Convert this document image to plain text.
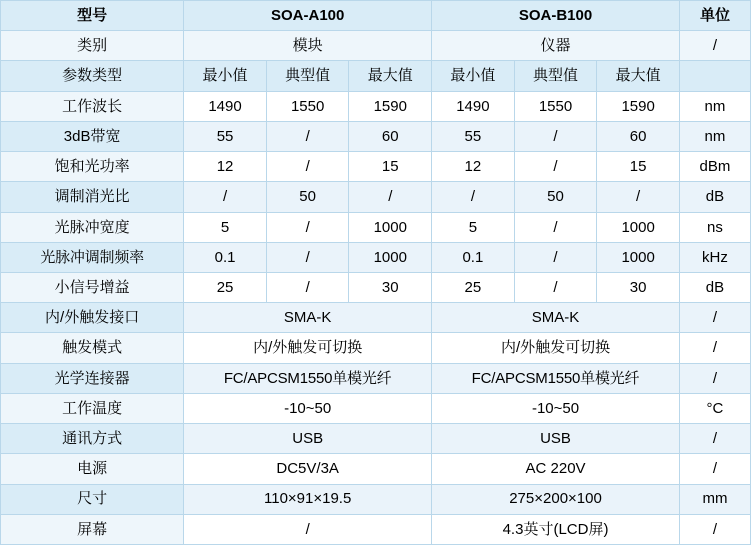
型号	SOA-A100			SOA-B100			单位
类别	模块			仪器			/
参数类型	最小值	典型值	最大值	最小值	典型值	最大值	
工作波长	1490	1550	1590	1490	1550	1590	nm
3dB带宽	55	/	60	55	/	60	nm
饱和光功率	12	/	15	12	/	15	dBm
调制消光比	/	50	/	/	50	/	dB
光脉冲宽度	5	/	1000	5	/	1000	ns
光脉冲调制频率	0.1	/	1000	0.1	/	1000	kHz
小信号增益	25	/	30	25	/	30	dB
内/外触发接口	SMA-K			SMA-K			/
触发模式	内/外触发可切换			内/外触发可切换			/
光学连接器	FC/APCSM1550单模光纤			FC/APCSM1550单模光纤			/
工作温度	-10~50			-10~50			°C
通讯方式	USB			USB			/
电源	DC5V/3A			AC 220V			/
尺寸	110×91×19.5			275×200×100			mm
屏幕	/			4.3英寸(LCD屏)			/
